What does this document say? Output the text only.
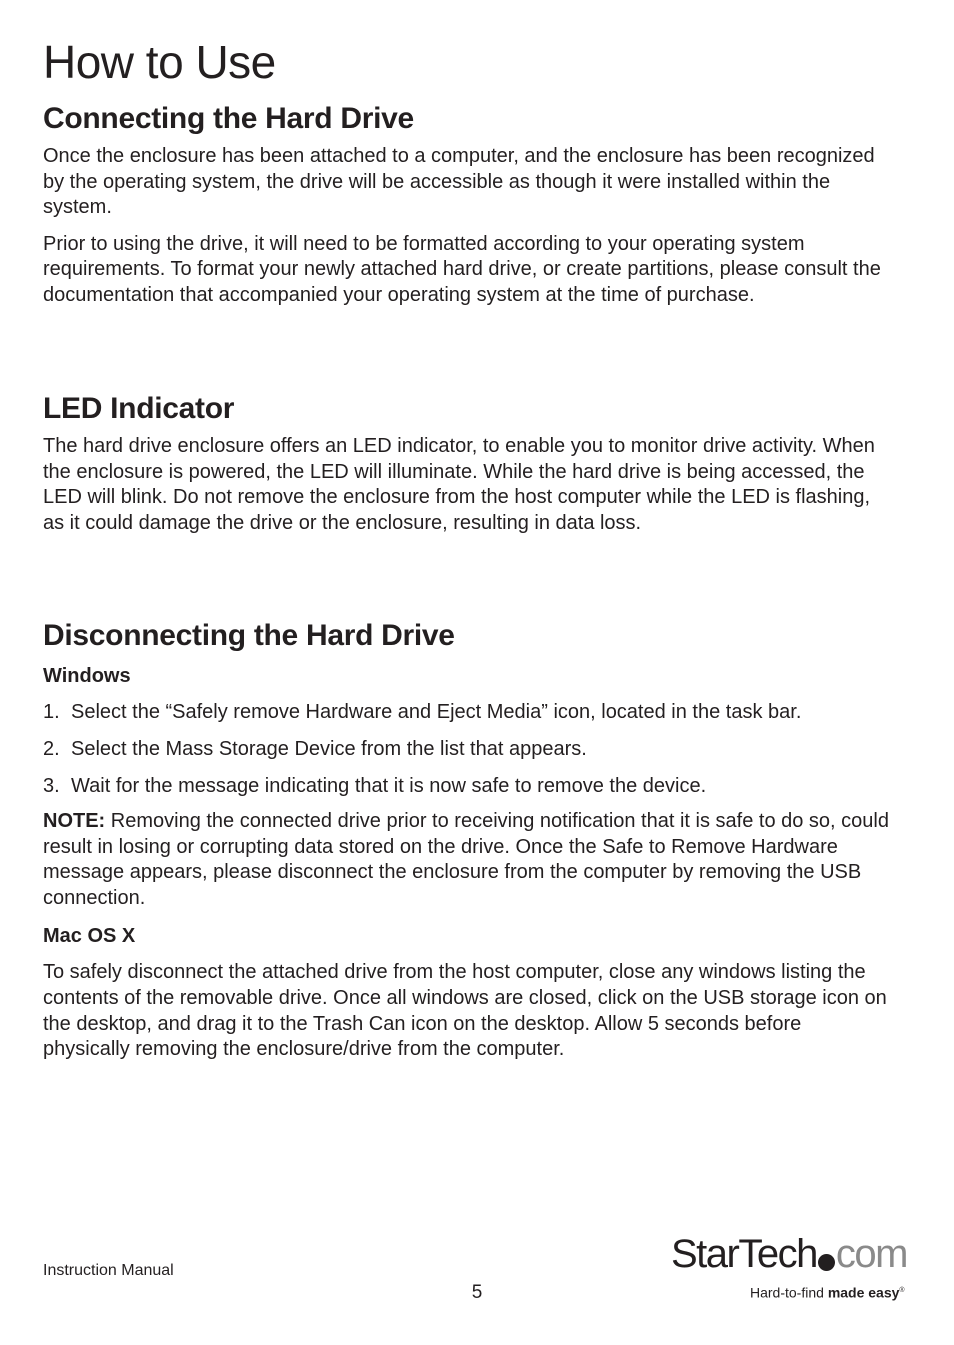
How to Use
Connecting the Hard Drive

Once the enclosure has been attached to a computer, and the enclosure has been recognized by the operating system, the drive will be accessible as though it were installed within the system.

Prior to using the drive, it will need to be formatted according to your operating system requirements. To format your newly attached hard drive, or create partitions, please consult the documentation that accompanied your operating system at the time of purchase.

LED Indicator

The hard drive enclosure offers an LED indicator, to enable you to monitor drive activity. When the enclosure is powered, the LED will illuminate. While the hard drive is being accessed, the LED will blink. Do not remove the enclosure from the host computer while the LED is flashing, as it could damage the drive or the enclosure, resulting in data loss.

Disconnecting the Hard Drive
Windows
1. Select the “Safely remove Hardware and Eject Media” icon, located in the task bar.
2. Select the Mass Storage Device from the list that appears.
3. Wait for the message indicating that it is now safe to remove the device.

NOTE: Removing the connected drive prior to receiving notification that it is safe to do so, could result in losing or corrupting data stored on the drive. Once the Safe to Remove Hardware message appears, please disconnect the enclosure from the computer by removing the USB connection.

Mac OS X

To safely disconnect the attached drive from the host computer, close any windows listing the contents of the removable drive. Once all windows are closed, click on the USB storage icon on the desktop, and drag it to the Trash Can icon on the desktop. Allow 5 seconds before physically removing the enclosure/drive from the computer.

Instruction Manual
5
StarTech com
Hard-to-find made easy®
